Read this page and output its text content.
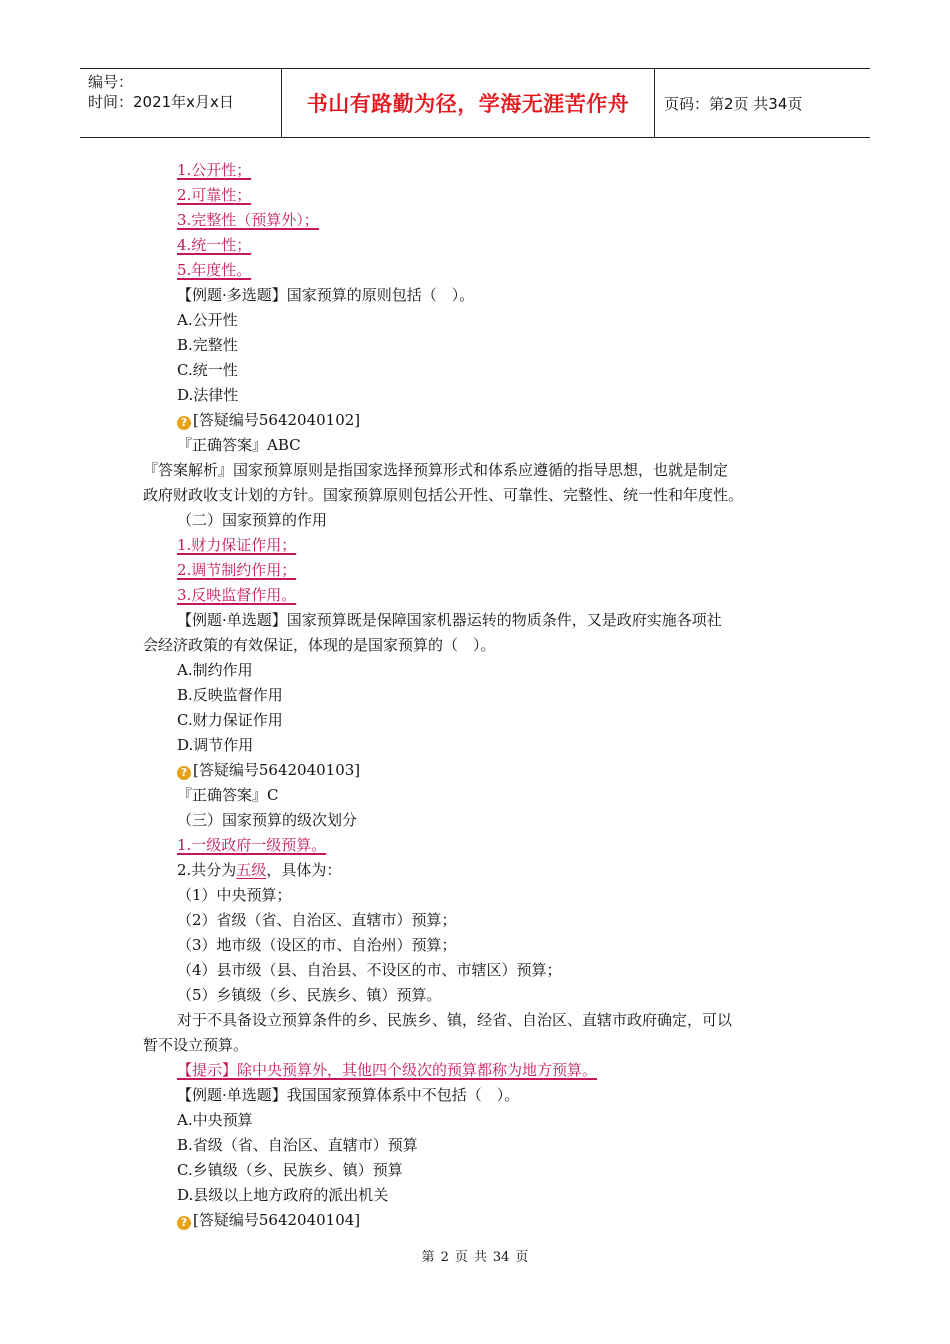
编号：
时间：2021年x月x日	书山有路勤为径，学海无涯苦作舟	页码：第2页 共34页
1.公开性；
2.可靠性；
3.完整性（预算外）；
4.统一性；
5.年度性。
【例题·多选题】国家预算的原则包括（　）。
A.公开性
B.完整性
C.统一性
D.法律性
? [答疑编号5642040102]
『正确答案』ABC
『答案解析』国家预算原则是指国家选择预算形式和体系应遵循的指导思想，也就是制定
政府财政收支计划的方针。国家预算原则包括公开性、可靠性、完整性、统一性和年度性。
（二）国家预算的作用
1.财力保证作用；
2.调节制约作用；
3.反映监督作用。
【例题·单选题】国家预算既是保障国家机器运转的物质条件，又是政府实施各项社
会经济政策的有效保证，体现的是国家预算的（　）。
A.制约作用
B.反映监督作用
C.财力保证作用
D.调节作用
? [答疑编号5642040103]
『正确答案』C
（三）国家预算的级次划分
1.一级政府一级预算。
2.共分为五级，具体为：
（1）中央预算；
（2）省级（省、自治区、直辖市）预算；
（3）地市级（设区的市、自治州）预算；
（4）县市级（县、自治县、不设区的市、市辖区）预算；
（5）乡镇级（乡、民族乡、镇）预算。
对于不具备设立预算条件的乡、民族乡、镇，经省、自治区、直辖市政府确定，可以
暂不设立预算。
【提示】除中央预算外，其他四个级次的预算都称为地方预算。
【例题·单选题】我国国家预算体系中不包括（　）。
A.中央预算
B.省级（省、自治区、直辖市）预算
C.乡镇级（乡、民族乡、镇）预算
D.县级以上地方政府的派出机关
? [答疑编号5642040104]
第 2 页 共 34 页
